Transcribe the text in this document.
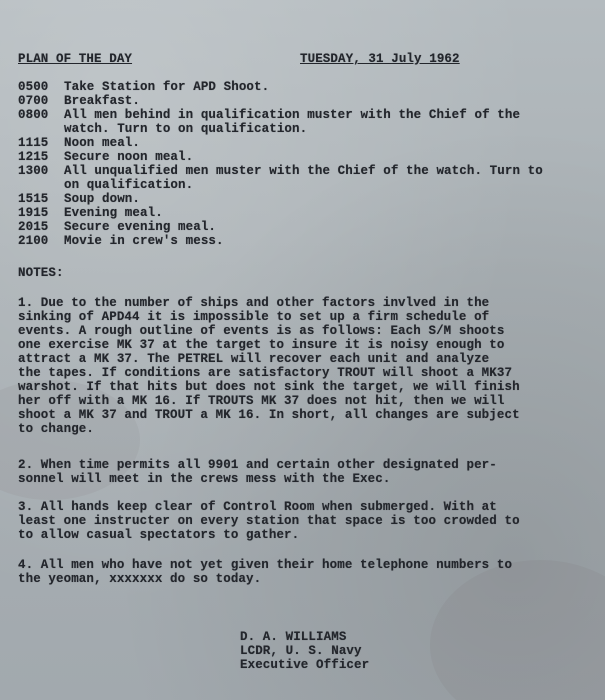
PLAN OF THE DAY	TUESDAY, 31 July 1962
0500	Take Station for APD Shoot.
0700	Breakfast.
0800	All men behind in qualification muster with the Chief of the
watch. Turn to on qualification.
1115	Noon meal.
1215	Secure noon meal.
1300	All unqualified men muster with the Chief of the watch. Turn to
on qualification.
1515	Soup down.
1915	Evening meal.
2015	Secure evening meal.
2100	Movie in crew's mess.
NOTES:

1. Due to the number of ships and other factors invlved in the

sinking of APD44 it is impossible to set up a firm schedule of

events. A rough outline of events is as follows: Each S/M shoots

one exercise MK 37 at the target to insure it is noisy enough to

attract a MK 37. The PETREL will recover each unit and analyze

the tapes. If conditions are satisfactory TROUT will shoot a MK37

warshot. If that hits but does not sink the target, we will finish

her off with a MK 16. If TROUTS MK 37 does not hit, then we will

shoot a MK 37 and TROUT a MK 16. In short, all changes are subject

to change.

2. When time permits all 9901 and certain other designated per-

sonnel will meet in the crews mess with the Exec.

3. All hands keep clear of Control Room when submerged. With at

least one instructer on every station that space is too crowded to

to allow casual spectators to gather.

4. All men who have not yet given their home telephone numbers to

the yeoman, xxxxxxx do so today.

D. A. WILLIAMS
LCDR, U. S. Navy
Executive Officer
